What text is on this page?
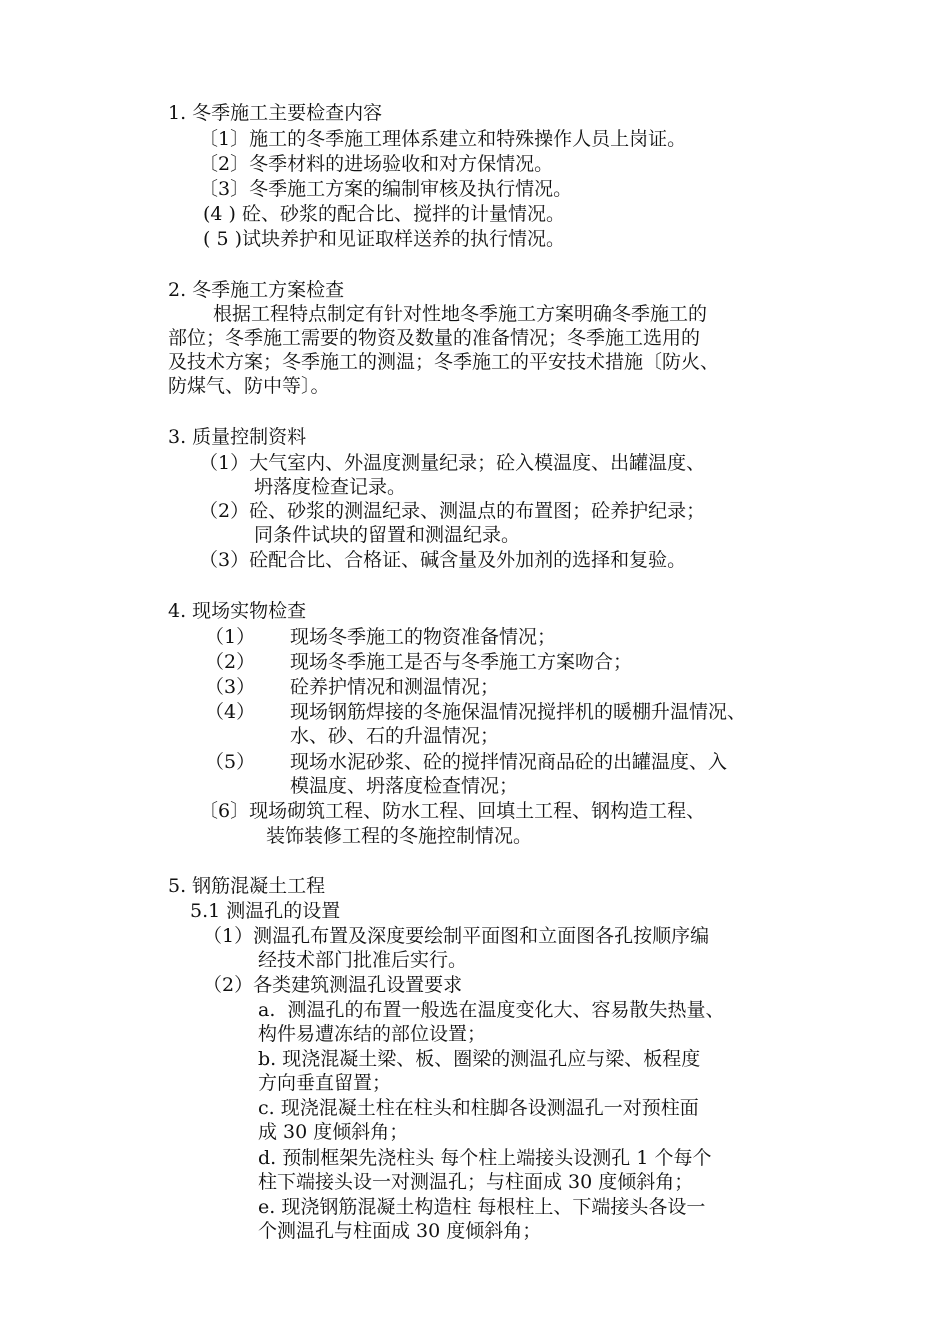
1. 冬季施工主要检查内容
〔1〕施工的冬季施工理体系建立和特殊操作人员上岗证。
〔2〕冬季材料的进场验收和对方保情况。
〔3〕冬季施工方案的编制审核及执行情况。
(4 ) 砼、砂浆的配合比、搅拌的计量情况。
( 5 )试块养护和见证取样送养的执行情况。
2. 冬季施工方案检查
根据工程特点制定有针对性地冬季施工方案明确冬季施工的
部位；冬季施工需要的物资及数量的准备情况；冬季施工选用的
及技术方案；冬季施工的测温；冬季施工的平安技术措施〔防火、
防煤气、防中等〕。
3. 质量控制资料
（1）大气室内、外温度测量纪录；砼入模温度、出罐温度、
坍落度检查记录。
（2）砼、砂浆的测温纪录、测温点的布置图；砼养护纪录；
同条件试块的留置和测温纪录。
（3）砼配合比、合格证、碱含量及外加剂的选择和复验。
4. 现场实物检查
（1） 现场冬季施工的物资准备情况；
（2） 现场冬季施工是否与冬季施工方案吻合；
（3） 砼养护情况和测温情况；
（4） 现场钢筋焊接的冬施保温情况搅拌机的暖棚升温情况、
水、砂、石的升温情况；
（5） 现场水泥砂浆、砼的搅拌情况商品砼的出罐温度、入
模温度、坍落度检查情况；
〔6〕现场砌筑工程、防水工程、回填土工程、钢构造工程、
装饰装修工程的冬施控制情况。
5. 钢筋混凝土工程
5.1 测温孔的设置
（1）测温孔布置及深度要绘制平面图和立面图各孔按顺序编
经技术部门批准后实行。
（2）各类建筑测温孔设置要求
a.  测温孔的布置一般选在温度变化大、容易散失热量、
构件易遭冻结的部位设置；
b. 现浇混凝土梁、板、圈梁的测温孔应与梁、板程度
方向垂直留置；
c. 现浇混凝土柱在柱头和柱脚各设测温孔一对预柱面
成 30 度倾斜角；
d. 预制框架先浇柱头 每个柱上端接头设测孔 1 个每个
柱下端接头设一对测温孔；与柱面成 30 度倾斜角；
e. 现浇钢筋混凝土构造柱 每根柱上、下端接头各设一
个测温孔与柱面成 30 度倾斜角；
